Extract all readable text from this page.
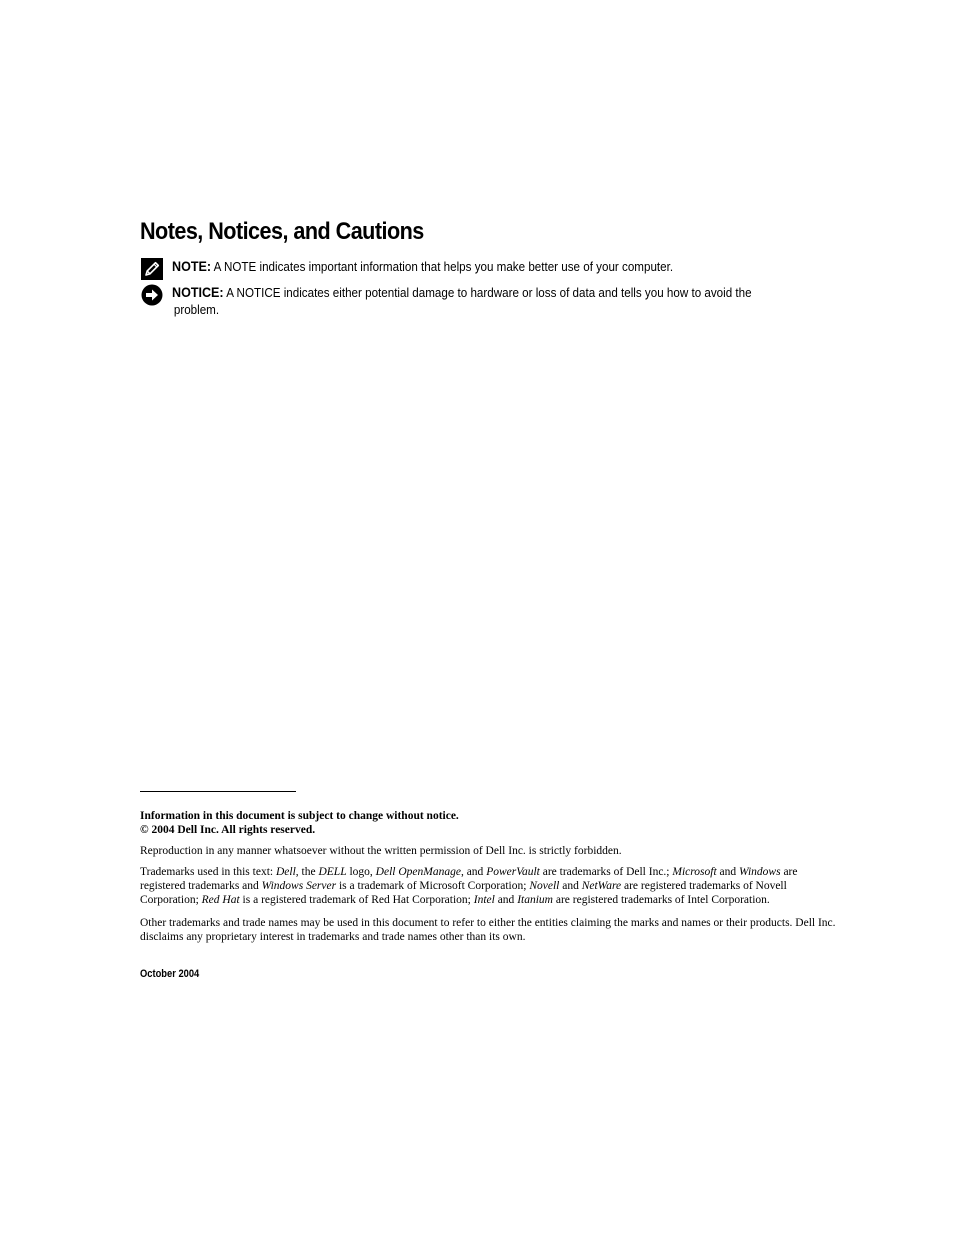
Notes, Notices, and Cautions
NOTE: A NOTE indicates important information that helps you make better use of your computer.
NOTICE: A NOTICE indicates either potential damage to hardware or loss of data and tells you how to avoid the
problem.

Information in this document is subject to change without notice.
© 2004 Dell Inc. All rights reserved.

Reproduction in any manner whatsoever without the written permission of Dell Inc. is strictly forbidden.

Trademarks used in this text: Dell, the DELL logo, Dell OpenManage, and PowerVault are trademarks of Dell Inc.; Microsoft and Windows are registered trademarks and Windows Server is a trademark of Microsoft Corporation; Novell and NetWare are registered trademarks of Novell Corporation; Red Hat is a registered trademark of Red Hat Corporation; Intel and Itanium are registered trademarks of Intel Corporation.

Other trademarks and trade names may be used in this document to refer to either the entities claiming the marks and names or their products. Dell Inc. disclaims any proprietary interest in trademarks and trade names other than its own.

October 2004
